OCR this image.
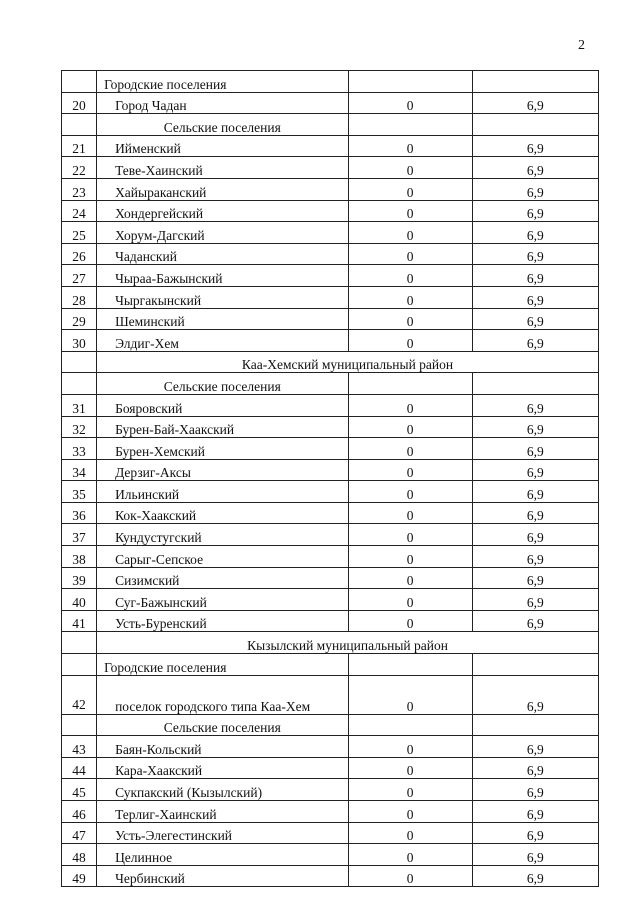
2
	Городские поселения		
20	Город Чадан	0	6,9
	Сельские поселения		
21	Ийменский	0	6,9
22	Теве-Хаинский	0	6,9
23	Хайыраканский	0	6,9
24	Хондергейский	0	6,9
25	Хорум-Дагский	0	6,9
26	Чаданский	0	6,9
27	Чыраа-Бажынский	0	6,9
28	Чыргакынский	0	6,9
29	Шеминский	0	6,9
30	Элдиг-Хем	0	6,9
	Каа-Хемский муниципальный район		
	Сельские поселения		
31	Бояровский	0	6,9
32	Бурен-Бай-Хаакский	0	6,9
33	Бурен-Хемский	0	6,9
34	Дерзиг-Аксы	0	6,9
35	Ильинский	0	6,9
36	Кок-Хаакский	0	6,9
37	Кундустугский	0	6,9
38	Сарыг-Сепское	0	6,9
39	Сизимский	0	6,9
40	Суг-Бажынский	0	6,9
41	Усть-Буренский	0	6,9
	Кызылский муниципальный район		
	Городские поселения		
42	поселок городского типа Каа-Хем	0	6,9
	Сельские поселения		
43	Баян-Кольский	0	6,9
44	Кара-Хаакский	0	6,9
45	Сукпакский (Кызылский)	0	6,9
46	Терлиг-Хаинский	0	6,9
47	Усть-Элегестинский	0	6,9
48	Целинное	0	6,9
49	Чербинский	0	6,9
